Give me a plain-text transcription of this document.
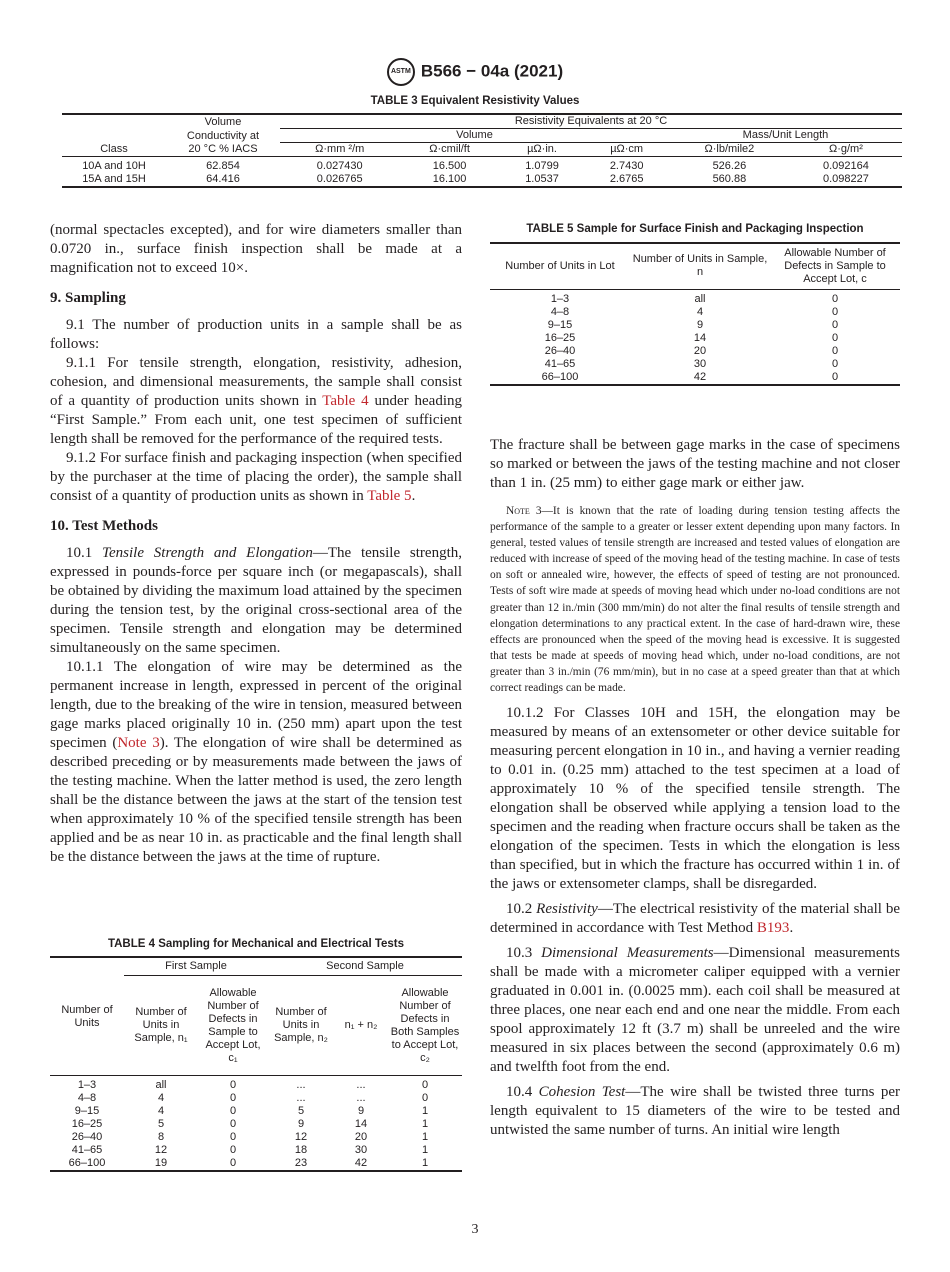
ASTM B566 − 04a (2021)
TABLE 3 Equivalent Resistivity Values
Class	Volume	Resistivity Equivalents at 20 °C					
	Conductivity at	Volume				Mass/Unit Length	
	20 °C % IACS	Ω·mm ²/m	Ω·cmil/ft	µΩ·in.	µΩ·cm	Ω·lb/mile2	Ω·g/m²
10A and 10H	62.854	0.027430	16.500	1.0799	2.7430	526.26	0.092164
15A and 15H	64.416	0.026765	16.100	1.0537	2.6765	560.88	0.098227

(normal spectacles excepted), and for wire diameters smaller than 0.0720 in., surface finish inspection shall be made at a magnification not to exceed 10×.

9. Sampling

9.1 The number of production units in a sample shall be as follows:

9.1.1 For tensile strength, elongation, resistivity, adhesion, cohesion, and dimensional measurements, the sample shall consist of a quantity of production units shown in Table 4 under heading “First Sample.” From each unit, one test specimen of sufficient length shall be removed for the performance of the required tests.

9.1.2 For surface finish and packaging inspection (when specified by the purchaser at the time of placing the order), the sample shall consist of a quantity of production units as shown in Table 5.

10. Test Methods

10.1 Tensile Strength and Elongation—The tensile strength, expressed in pounds-force per square inch (or megapascals), shall be obtained by dividing the maximum load attained by the specimen during the tension test, by the original cross-sectional area of the specimen. Tensile strength and elongation may be determined simultaneously on the same specimen.

10.1.1 The elongation of wire may be determined as the permanent increase in length, expressed in percent of the original length, due to the breaking of the wire in tension, measured between gage marks placed originally 10 in. (250 mm) apart upon the test specimen (Note 3). The elongation of wire shall be determined as described preceding or by measurements made between the jaws of the testing machine. When the latter method is used, the zero length shall be the distance between the jaws at the start of the tension test when approximately 10 % of the specified tensile strength has been applied and be as near 10 in. as practicable and the final length shall be the distance between the jaws at the time of rupture.

TABLE 4 Sampling for Mechanical and Electrical Tests
Number of Units	First Sample		Second Sample		
	Number of Units in Sample, n₁	Allowable Number of Defects in Sample to Accept Lot, c₁	Number of Units in Sample, n₂	n₁ + n₂	Allowable Number of Defects in Both Samples to Accept Lot, c₂
1–3	all	0	...	...	0
4–8	4	0	...	...	0
9–15	4	0	5	9	1
16–25	5	0	9	14	1
26–40	8	0	12	20	1
41–65	12	0	18	30	1
66–100	19	0	23	42	1
TABLE 5 Sample for Surface Finish and Packaging Inspection
Number of Units in Lot	Number of Units in Sample, n	Allowable Number of Defects in Sample to Accept Lot, c
1–3	all	0
4–8	4	0
9–15	9	0
16–25	14	0
26–40	20	0
41–65	30	0
66–100	42	0

The fracture shall be between gage marks in the case of specimens so marked or between the jaws of the testing machine and not closer than 1 in. (25 mm) to either gage mark or either jaw.

Note 3—It is known that the rate of loading during tension testing affects the performance of the sample to a greater or lesser extent depending upon many factors. In general, tested values of tensile strength are increased and tested values of elongation are reduced with increase of speed of the moving head of the testing machine. In case of tests on soft or annealed wire, however, the effects of speed of testing are not pronounced. Tests of soft wire made at speeds of moving head which under no-load conditions are not greater than 12 in./min (300 mm/min) do not alter the final results of tensile strength and elongation determinations to any practical extent. In the case of hard-drawn wire, these effects are pronounced when the speed of the moving head is excessive. It is suggested that tests be made at speeds of moving head which, under no-load conditions, are not greater than 3 in./min (76 mm/min), but in no case at a speed greater than that at which correct readings can be made.

10.1.2 For Classes 10H and 15H, the elongation may be measured by means of an extensometer or other device suitable for measuring percent elongation in 10 in., and having a vernier reading to 0.01 in. (0.25 mm) attached to the test specimen at a load of approximately 10 % of the specified tensile strength. The elongation shall be observed while applying a tension load to the specimen and the reading when fracture occurs shall be taken as the elongation of the specimen. Tests in which the elongation is less than specified, but in which the fracture has occurred within 1 in. of the jaws or extensometer clamps, shall be disregarded.

10.2 Resistivity—The electrical resistivity of the material shall be determined in accordance with Test Method B193.

10.3 Dimensional Measurements—Dimensional measurements shall be made with a micrometer caliper equipped with a vernier graduated in 0.001 in. (0.0025 mm). each coil shall be measured at three places, one near each end and one near the middle. From each spool approximately 12 ft (3.7 m) shall be unreeled and the wire measured in six places between the second (approximately 0.6 m) and twelfth foot from the end.

10.4 Cohesion Test—The wire shall be twisted three turns per length equivalent to 15 diameters of the wire to be tested and untwisted the same number of turns. An initial wire length

3
